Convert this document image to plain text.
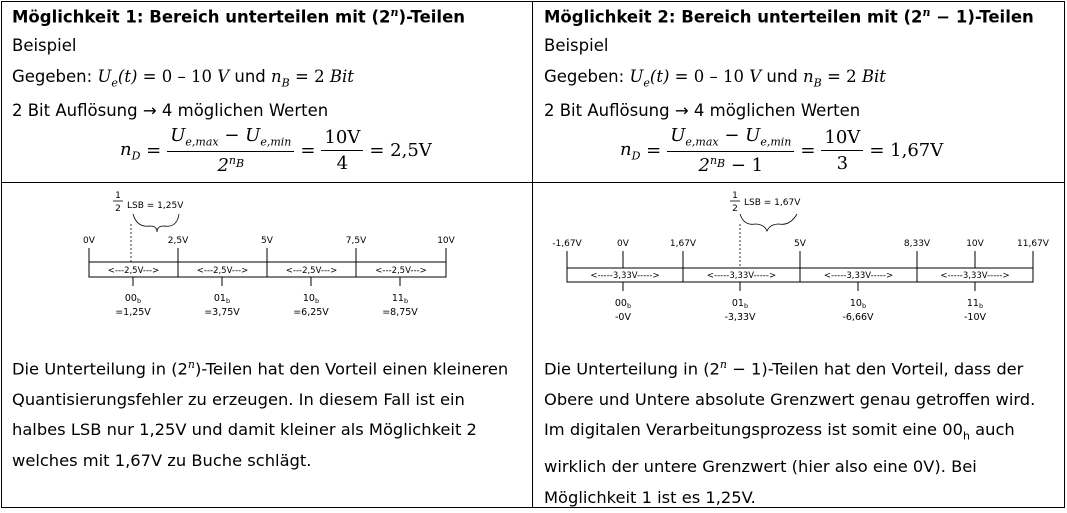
Möglichkeit 1: Bereich unterteilen mit (2$^n$)-Teilen
Beispiel
Gegeben: $U_e(t) = 0 - 10$ V und $n_B = 2$ Bit
2 Bit Auflösung → 4 möglichen Werten
$n_D = \frac{U_{e,max} - U_{e,min}}{2^{n_B}} = \frac{10V}{4} = 2,5V$
Möglichkeit 2: Bereich unterteilen mit ($2^n$ − 1)-Teilen
Beispiel
Gegeben: $U_e(t) = 0 - 10$ V und $n_B = 2$ Bit
2 Bit Auflösung → 4 möglichen Werten
$n_D = \frac{U_{e,max} - U_{e,min}}{2^{n_B} - 1} = \frac{10V}{3} = 1,67V$
1
2 LSB = 1,25V
0V	2,5V	5V	7,5V	10V
<---2,5V--->	<---2,5V--->	<---2,5V--->	<---2,5V--->
$00_b$
=1,25V
$01_b$
=3,75V
$10_b$
=6,25V
$11_b$
=8,75V
1
2
LSB = 1,67V
-1,67V	0V	1,67V	5V	8,33V	10V	11,67V
<-----3,33V----->	<-----3,33V----->	<-----3,33V----->	<-----3,33V----->
$00_b$
-0V
$01_b$
-3,33V
$10_b$
-6,66V
$11_b$
-10V
Die Unterteilung in (2$^n$)-Teilen hat den Vorteil einen kleineren Quantisierungsfehler zu erzeugen. In diesem Fall ist ein halbes LSB nur 1,25V und damit kleiner als Möglichkeit 2 welches mit 1,67V zu Buche schlägt.
Die Unterteilung in ($2^n$ − 1)-Teilen hat den Vorteil, dass der Obere und Untere absolute Grenzwert genau getroffen wird. Im digitalen Verarbeitungsprozess ist somit eine $00_h$ auch wirklich der untere Grenzwert (hier also eine 0V). Bei Möglichkeit 1 ist es 1,25V.
